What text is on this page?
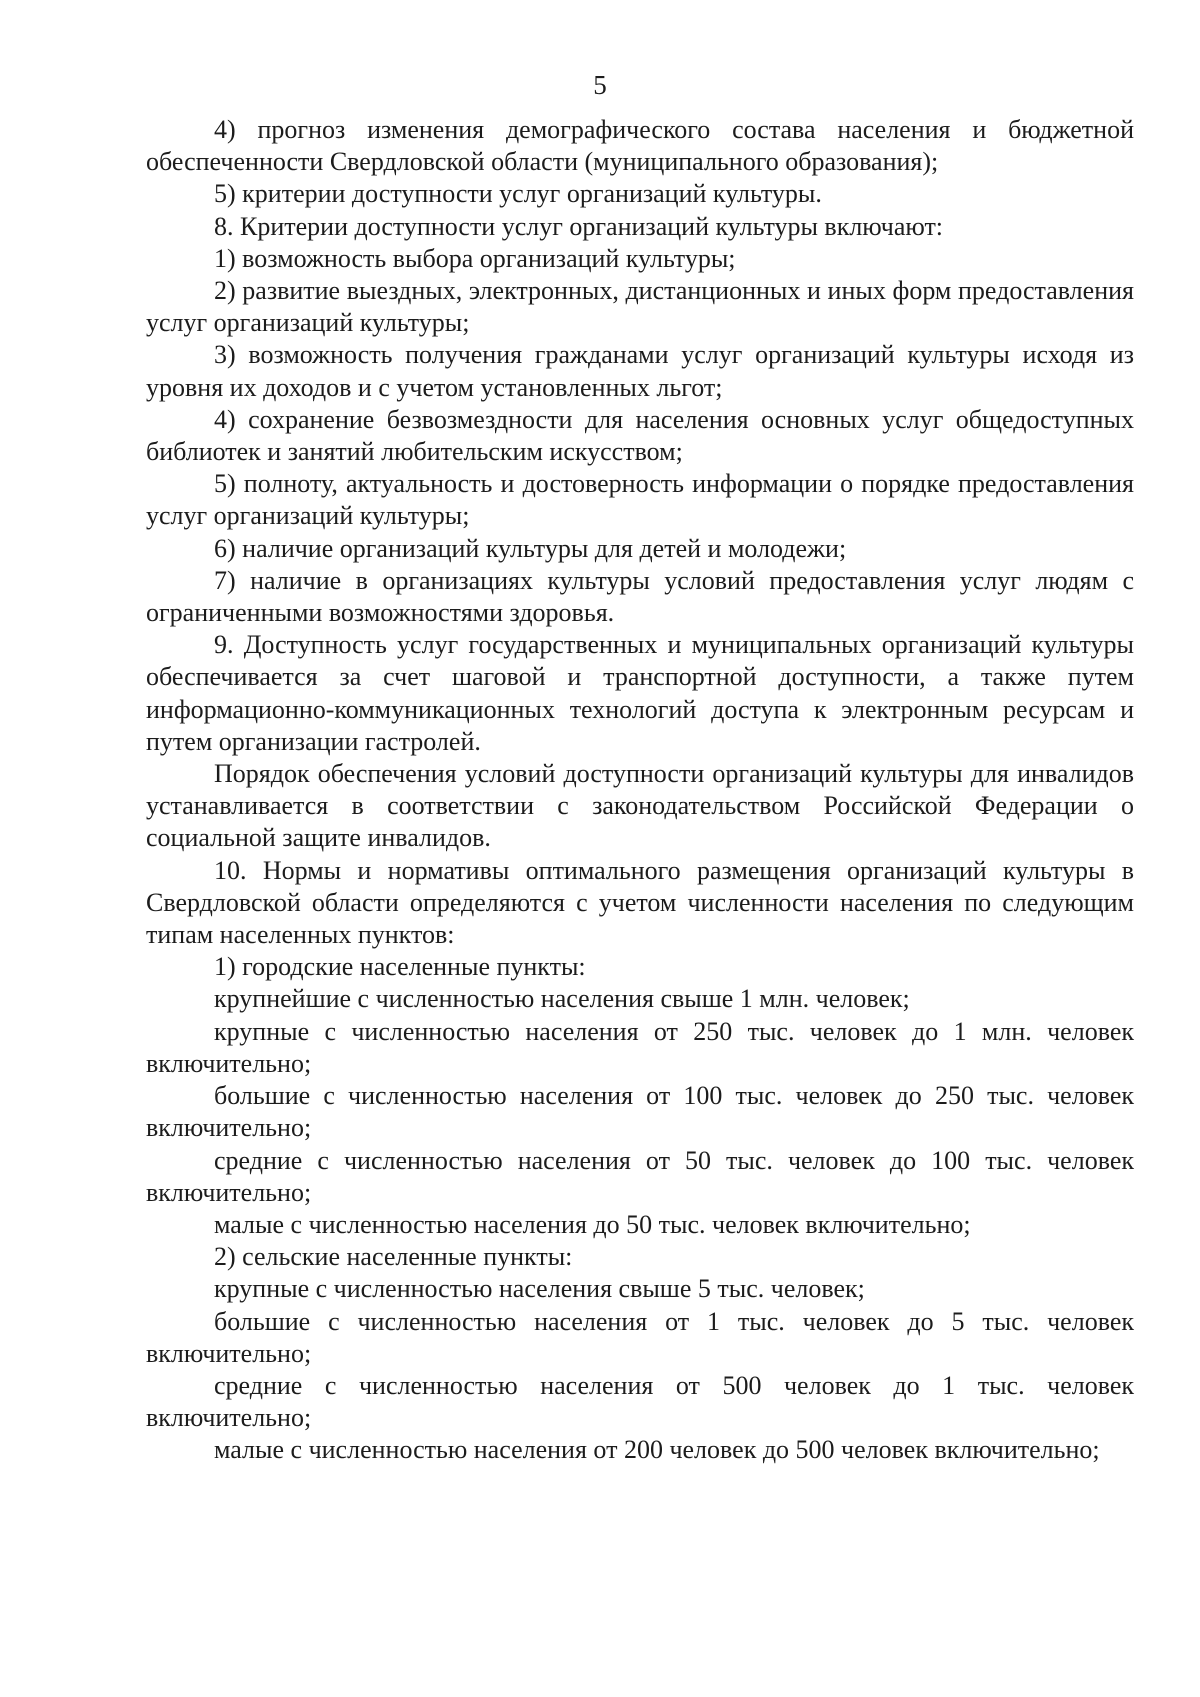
5

4) прогноз изменения демографического состава населения и бюджетной обеспеченности Свердловской области (муниципального образования);

5) критерии доступности услуг организаций культуры.

8. Критерии доступности услуг организаций культуры включают:

1) возможность выбора организаций культуры;

2) развитие выездных, электронных, дистанционных и иных форм предоставления услуг организаций культуры;

3) возможность получения гражданами услуг организаций культуры исходя из уровня их доходов и с учетом установленных льгот;

4) сохранение безвозмездности для населения основных услуг общедоступных библиотек и занятий любительским искусством;

5) полноту, актуальность и достоверность информации о порядке предоставления услуг организаций культуры;

6) наличие организаций культуры для детей и молодежи;

7) наличие в организациях культуры условий предоставления услуг людям с ограниченными возможностями здоровья.

9. Доступность услуг государственных и муниципальных организаций культуры обеспечивается за счет шаговой и транспортной доступности, а также путем информационно-коммуникационных технологий доступа к электронным ресурсам и путем организации гастролей.

Порядок обеспечения условий доступности организаций культуры для инвалидов устанавливается в соответствии с законодательством Российской Федерации о социальной защите инвалидов.

10. Нормы и нормативы оптимального размещения организаций культуры в Свердловской области определяются с учетом численности населения по следующим типам населенных пунктов:

1) городские населенные пункты:

крупнейшие с численностью населения свыше 1 млн. человек;

крупные с численностью населения от 250 тыс. человек до 1 млн. человек включительно;

большие с численностью населения от 100 тыс. человек до 250 тыс. человек включительно;

средние с численностью населения от 50 тыс. человек до 100 тыс. человек включительно;

малые с численностью населения до 50 тыс. человек включительно;

2) сельские населенные пункты:

крупные с численностью населения свыше 5 тыс. человек;

большие с численностью населения от 1 тыс. человек до 5 тыс. человек включительно;

средние с численностью населения от 500 человек до 1 тыс. человек включительно;

малые с численностью населения от 200 человек до 500 человек включительно;
